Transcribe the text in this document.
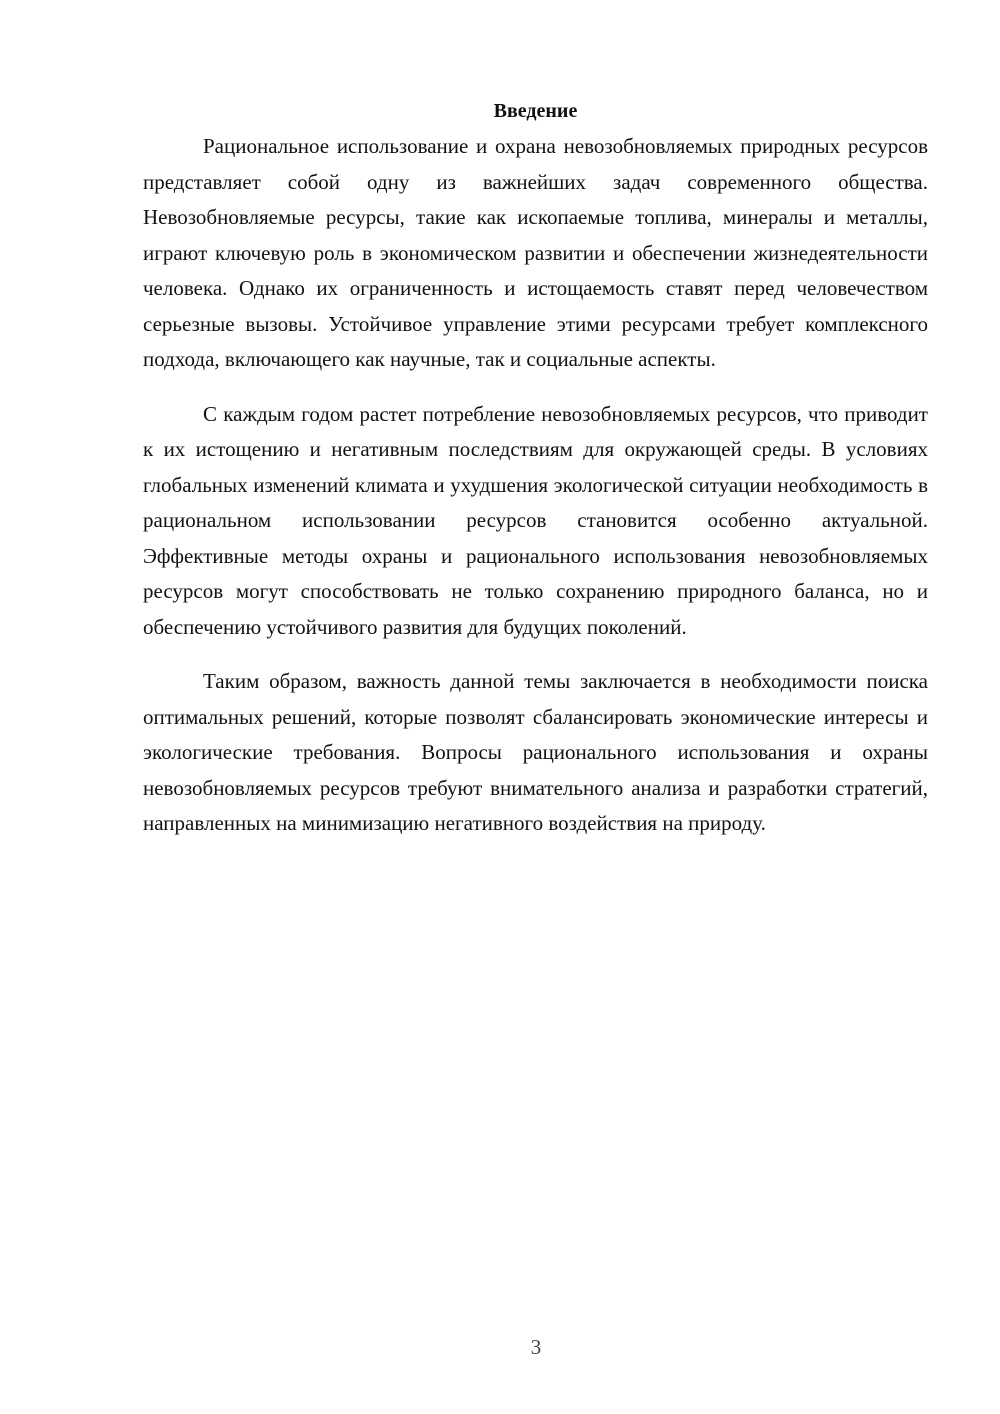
Введение

Рациональное использование и охрана невозобновляемых природных ресурсов представляет собой одну из важнейших задач современного общества. Невозобновляемые ресурсы, такие как ископаемые топлива, минералы и металлы, играют ключевую роль в экономическом развитии и обеспечении жизнедеятельности человека. Однако их ограниченность и истощаемость ставят перед человечеством серьезные вызовы. Устойчивое управление этими ресурсами требует комплексного подхода, включающего как научные, так и социальные аспекты.

С каждым годом растет потребление невозобновляемых ресурсов, что приводит к их истощению и негативным последствиям для окружающей среды. В условиях глобальных изменений климата и ухудшения экологической ситуации необходимость в рациональном использовании ресурсов становится особенно актуальной. Эффективные методы охраны и рационального использования невозобновляемых ресурсов могут способствовать не только сохранению природного баланса, но и обеспечению устойчивого развития для будущих поколений.

Таким образом, важность данной темы заключается в необходимости поиска оптимальных решений, которые позволят сбалансировать экономические интересы и экологические требования. Вопросы рационального использования и охраны невозобновляемых ресурсов требуют внимательного анализа и разработки стратегий, направленных на минимизацию негативного воздействия на природу.

3
